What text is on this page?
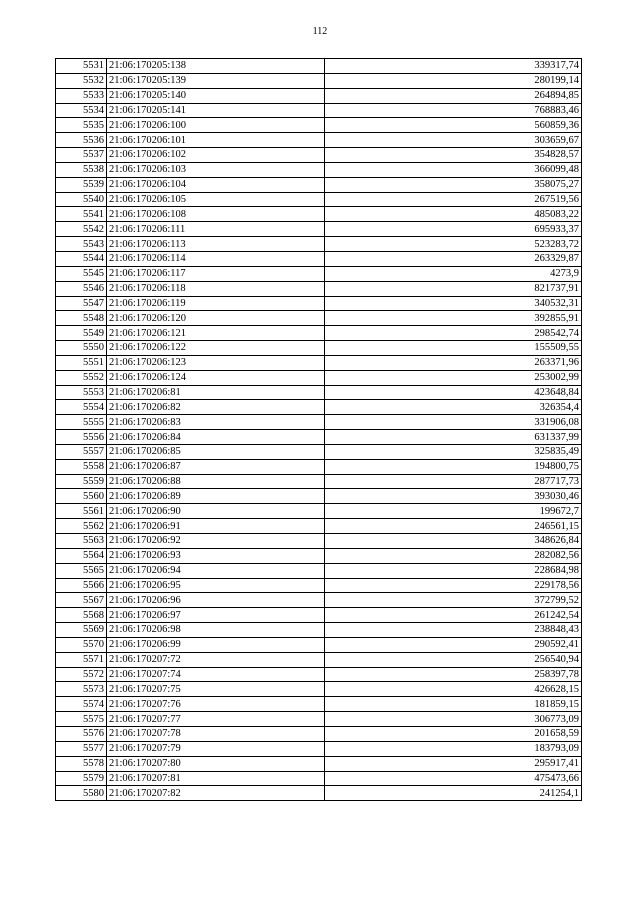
112
5531	21:06:170205:138	339317,74
5532	21:06:170205:139	280199,14
5533	21:06:170205:140	264894,85
5534	21:06:170205:141	768883,46
5535	21:06:170206:100	560859,36
5536	21:06:170206:101	303659,67
5537	21:06:170206:102	354828,57
5538	21:06:170206:103	366099,48
5539	21:06:170206:104	358075,27
5540	21:06:170206:105	267519,56
5541	21:06:170206:108	485083,22
5542	21:06:170206:111	695933,37
5543	21:06:170206:113	523283,72
5544	21:06:170206:114	263329,87
5545	21:06:170206:117	4273,9
5546	21:06:170206:118	821737,91
5547	21:06:170206:119	340532,31
5548	21:06:170206:120	392855,91
5549	21:06:170206:121	298542,74
5550	21:06:170206:122	155509,55
5551	21:06:170206:123	263371,96
5552	21:06:170206:124	253002,99
5553	21:06:170206:81	423648,84
5554	21:06:170206:82	326354,4
5555	21:06:170206:83	331906,08
5556	21:06:170206:84	631337,99
5557	21:06:170206:85	325835,49
5558	21:06:170206:87	194800,75
5559	21:06:170206:88	287717,73
5560	21:06:170206:89	393030,46
5561	21:06:170206:90	199672,7
5562	21:06:170206:91	246561,15
5563	21:06:170206:92	348626,84
5564	21:06:170206:93	282082,56
5565	21:06:170206:94	228684,98
5566	21:06:170206:95	229178,56
5567	21:06:170206:96	372799,52
5568	21:06:170206:97	261242,54
5569	21:06:170206:98	238848,43
5570	21:06:170206:99	290592,41
5571	21:06:170207:72	256540,94
5572	21:06:170207:74	258397,78
5573	21:06:170207:75	426628,15
5574	21:06:170207:76	181859,15
5575	21:06:170207:77	306773,09
5576	21:06:170207:78	201658,59
5577	21:06:170207:79	183793,09
5578	21:06:170207:80	295917,41
5579	21:06:170207:81	475473,66
5580	21:06:170207:82	241254,1
